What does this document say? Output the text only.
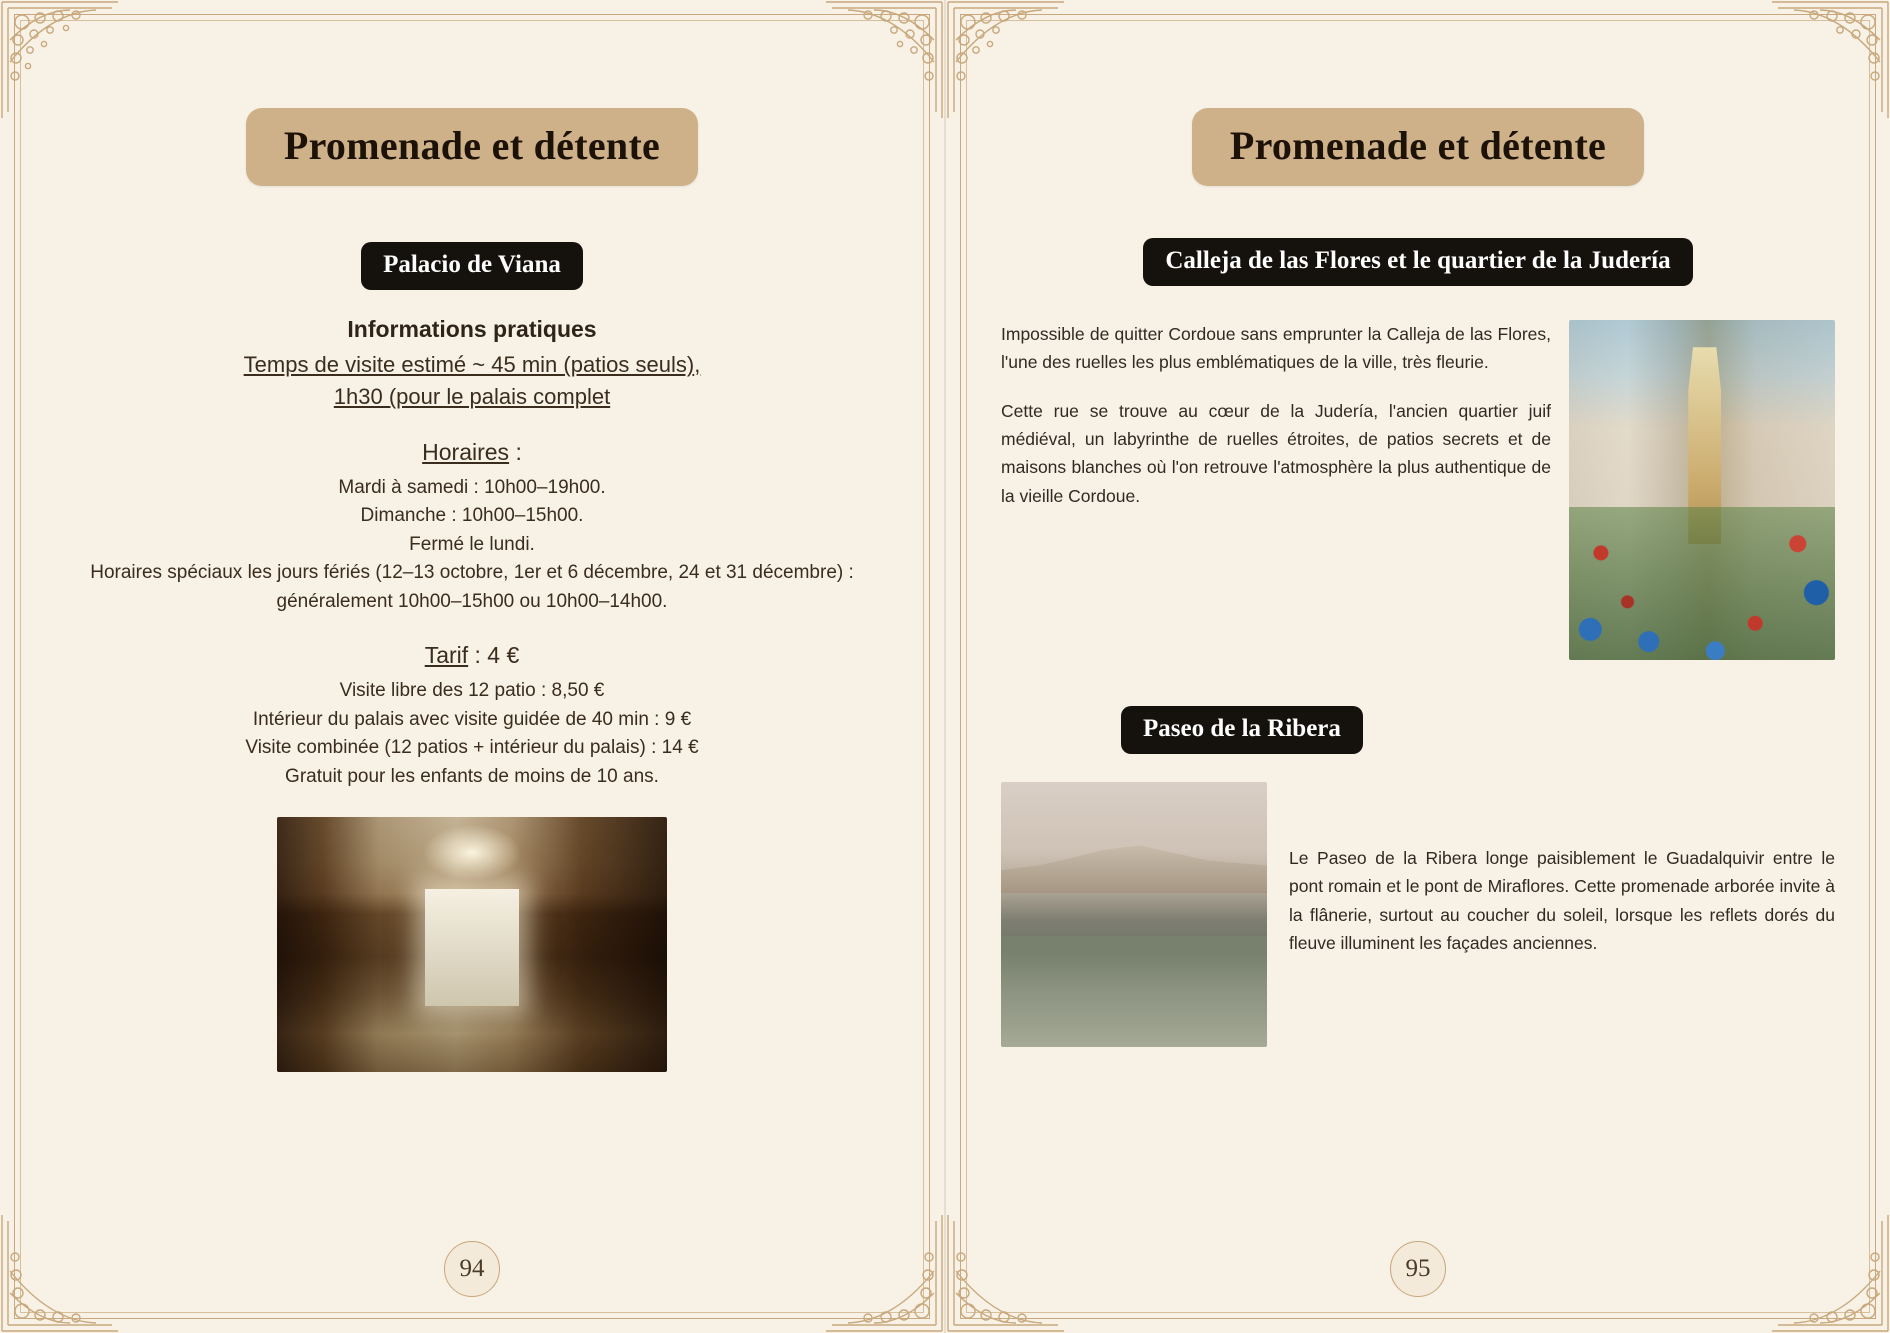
Promenade et détente
Palacio de Viana
Informations pratiques
Temps de visite estimé ~ 45 min (patios seuls),
1h30 (pour le palais complet
Horaires :
Mardi à samedi : 10h00–19h00.
Dimanche : 10h00–15h00.
Fermé le lundi.
Horaires spéciaux les jours fériés (12–13 octobre, 1er et 6 décembre, 24 et 31 décembre) : généralement 10h00–15h00 ou 10h00–14h00.
Tarif : 4 €
Visite libre des 12 patio : 8,50 €
Intérieur du palais avec visite guidée de 40 min : 9 €
Visite combinée (12 patios + intérieur du palais) : 14 €
Gratuit pour les enfants de moins de 10 ans.
94
Promenade et détente
Calleja de las Flores et le quartier de la Judería

Impossible de quitter Cordoue sans emprunter la Calleja de las Flores, l'une des ruelles les plus emblématiques de la ville, très fleurie.

Cette rue se trouve au cœur de la Judería, l'ancien quartier juif médiéval, un labyrinthe de ruelles étroites, de patios secrets et de maisons blanches où l'on retrouve l'atmosphère la plus authentique de la vieille Cordoue.

Paseo de la Ribera

Le Paseo de la Ribera longe paisiblement le Guadalquivir entre le pont romain et le pont de Miraflores. Cette promenade arborée invite à la flânerie, surtout au coucher du soleil, lorsque les reflets dorés du fleuve illuminent les façades anciennes.

95
